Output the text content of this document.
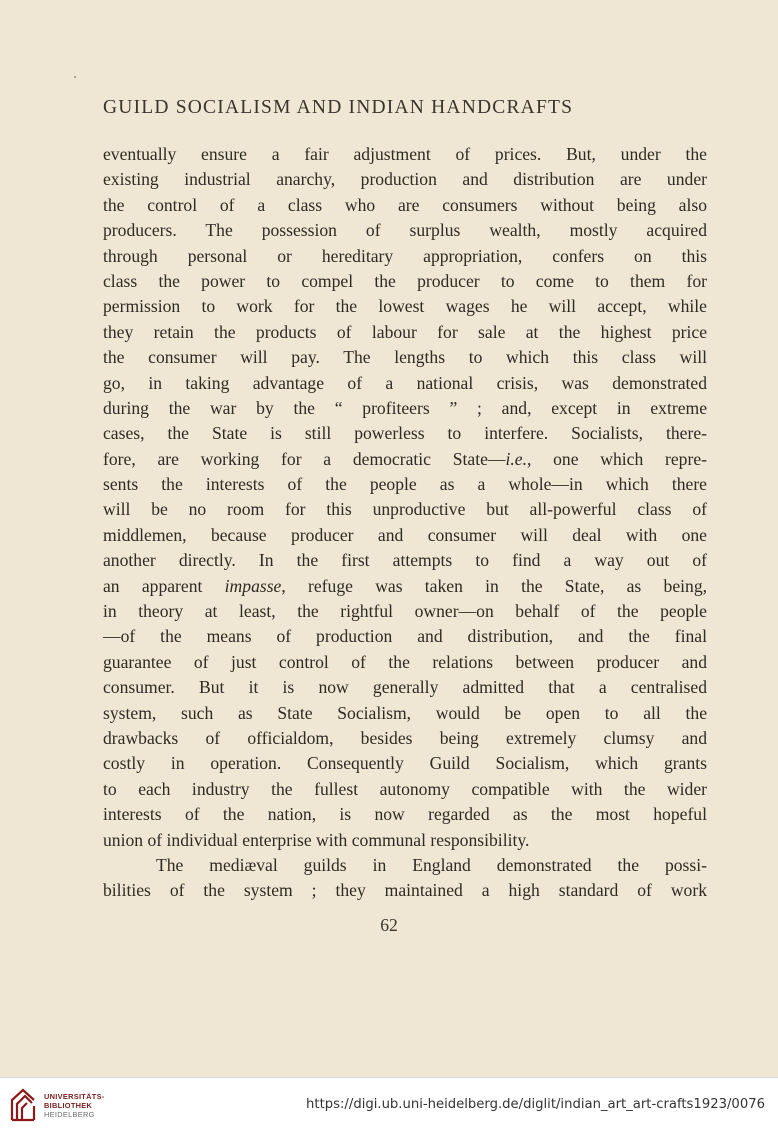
GUILD SOCIALISM AND INDIAN HANDCRAFTS
eventually ensure a fair adjustment of prices. But, under the
existing industrial anarchy, production and distribution are under
the control of a class who are consumers without being also
producers. The possession of surplus wealth, mostly acquired
through personal or hereditary appropriation, confers on this
class the power to compel the producer to come to them for
permission to work for the lowest wages he will accept, while
they retain the products of labour for sale at the highest price
the consumer will pay. The lengths to which this class will
go, in taking advantage of a national crisis, was demonstrated
during the war by the “ profiteers ” ; and, except in extreme
cases, the State is still powerless to interfere. Socialists, there-
fore, are working for a democratic State—i.e., one which repre-
sents the interests of the people as a whole—in which there
will be no room for this unproductive but all-powerful class of
middlemen, because producer and consumer will deal with one
another directly. In the first attempts to find a way out of
an apparent impasse, refuge was taken in the State, as being,
in theory at least, the rightful owner—on behalf of the people
—of the means of production and distribution, and the final
guarantee of just control of the relations between producer and
consumer. But it is now generally admitted that a centralised
system, such as State Socialism, would be open to all the
drawbacks of officialdom, besides being extremely clumsy and
costly in operation. Consequently Guild Socialism, which grants
to each industry the fullest autonomy compatible with the wider
interests of the nation, is now regarded as the most hopeful
union of individual enterprise with communal responsibility.
The mediæval guilds in England demonstrated the possi-
bilities of the system ; they maintained a high standard of work
62
UNIVERSITÄTS-
BIBLIOTHEK
HEIDELBERG
https://digi.ub.uni-heidelberg.de/diglit/indian_art_art-crafts1923/0076
